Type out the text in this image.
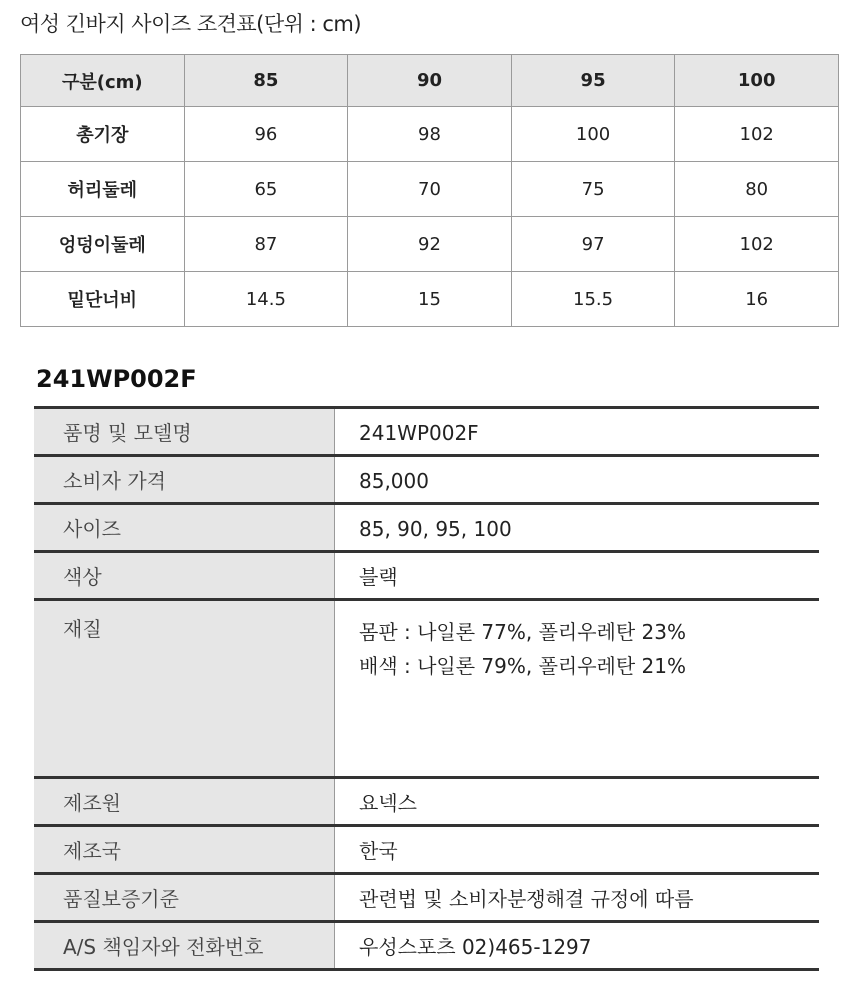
여성 긴바지 사이즈 조견표(단위 : cm)
구분(cm)	85	90	95	100
총기장	96	98	100	102
허리둘레	65	70	75	80
엉덩이둘레	87	92	97	102
밑단너비	14.5	15	15.5	16
241WP002F
품명 및 모델명	241WP002F
소비자 가격	85,000
사이즈	85, 90, 95, 100
색상	블랙
재질	몸판 : 나일론 77%, 폴리우레탄 23%
배색 : 나일론 79%, 폴리우레탄 21%
제조원	요넥스
제조국	한국
품질보증기준	관련법 및 소비자분쟁해결 규정에 따름
A/S 책임자와 전화번호	우성스포츠 02)465-1297
